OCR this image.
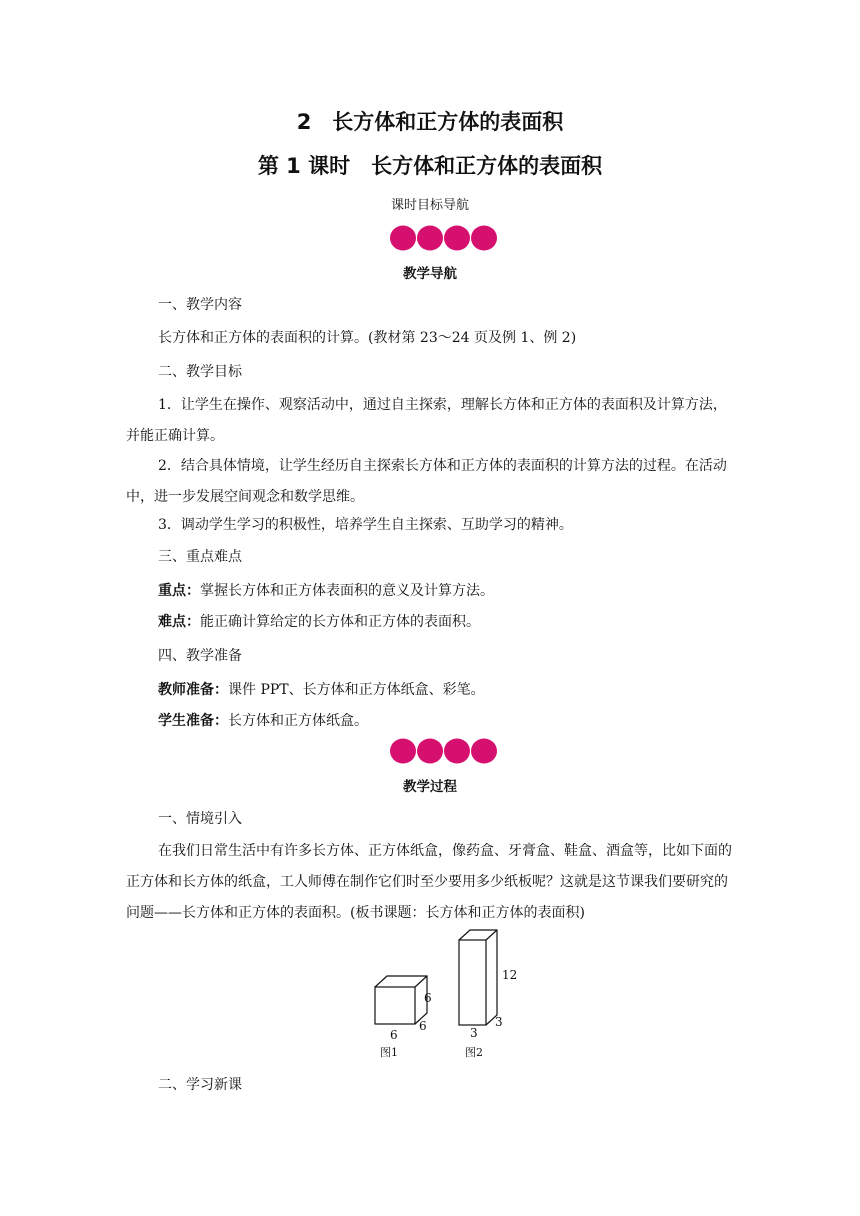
2　长方体和正方体的表面积
第 1 课时　长方体和正方体的表面积
课时目标导航
教学导航
一、教学内容
长方体和正方体的表面积的计算。(教材第 23～24 页及例 1、例 2)
二、教学目标
1．让学生在操作、观察活动中，通过自主探索，理解长方体和正方体的表面积及计算方法，并能正确计算。
2．结合具体情境，让学生经历自主探索长方体和正方体的表面积的计算方法的过程。在活动中，进一步发展空间观念和数学思维。
3．调动学生学习的积极性，培养学生自主探索、互助学习的精神。
三、重点难点
重点：掌握长方体和正方体表面积的意义及计算方法。
难点：能正确计算给定的长方体和正方体的表面积。
四、教学准备
教师准备：课件 PPT、长方体和正方体纸盒、彩笔。
学生准备：长方体和正方体纸盒。
教学过程
一、情境引入
在我们日常生活中有许多长方体、正方体纸盒，像药盒、牙膏盒、鞋盒、酒盒等，比如下面的正方体和长方体的纸盒，工人师傅在制作它们时至少要用多少纸板呢？这就是这节课我们要研究的问题——长方体和正方体的表面积。(板书课题：长方体和正方体的表面积)
6
6
6
3
3
12
图1	图2
二、学习新课
